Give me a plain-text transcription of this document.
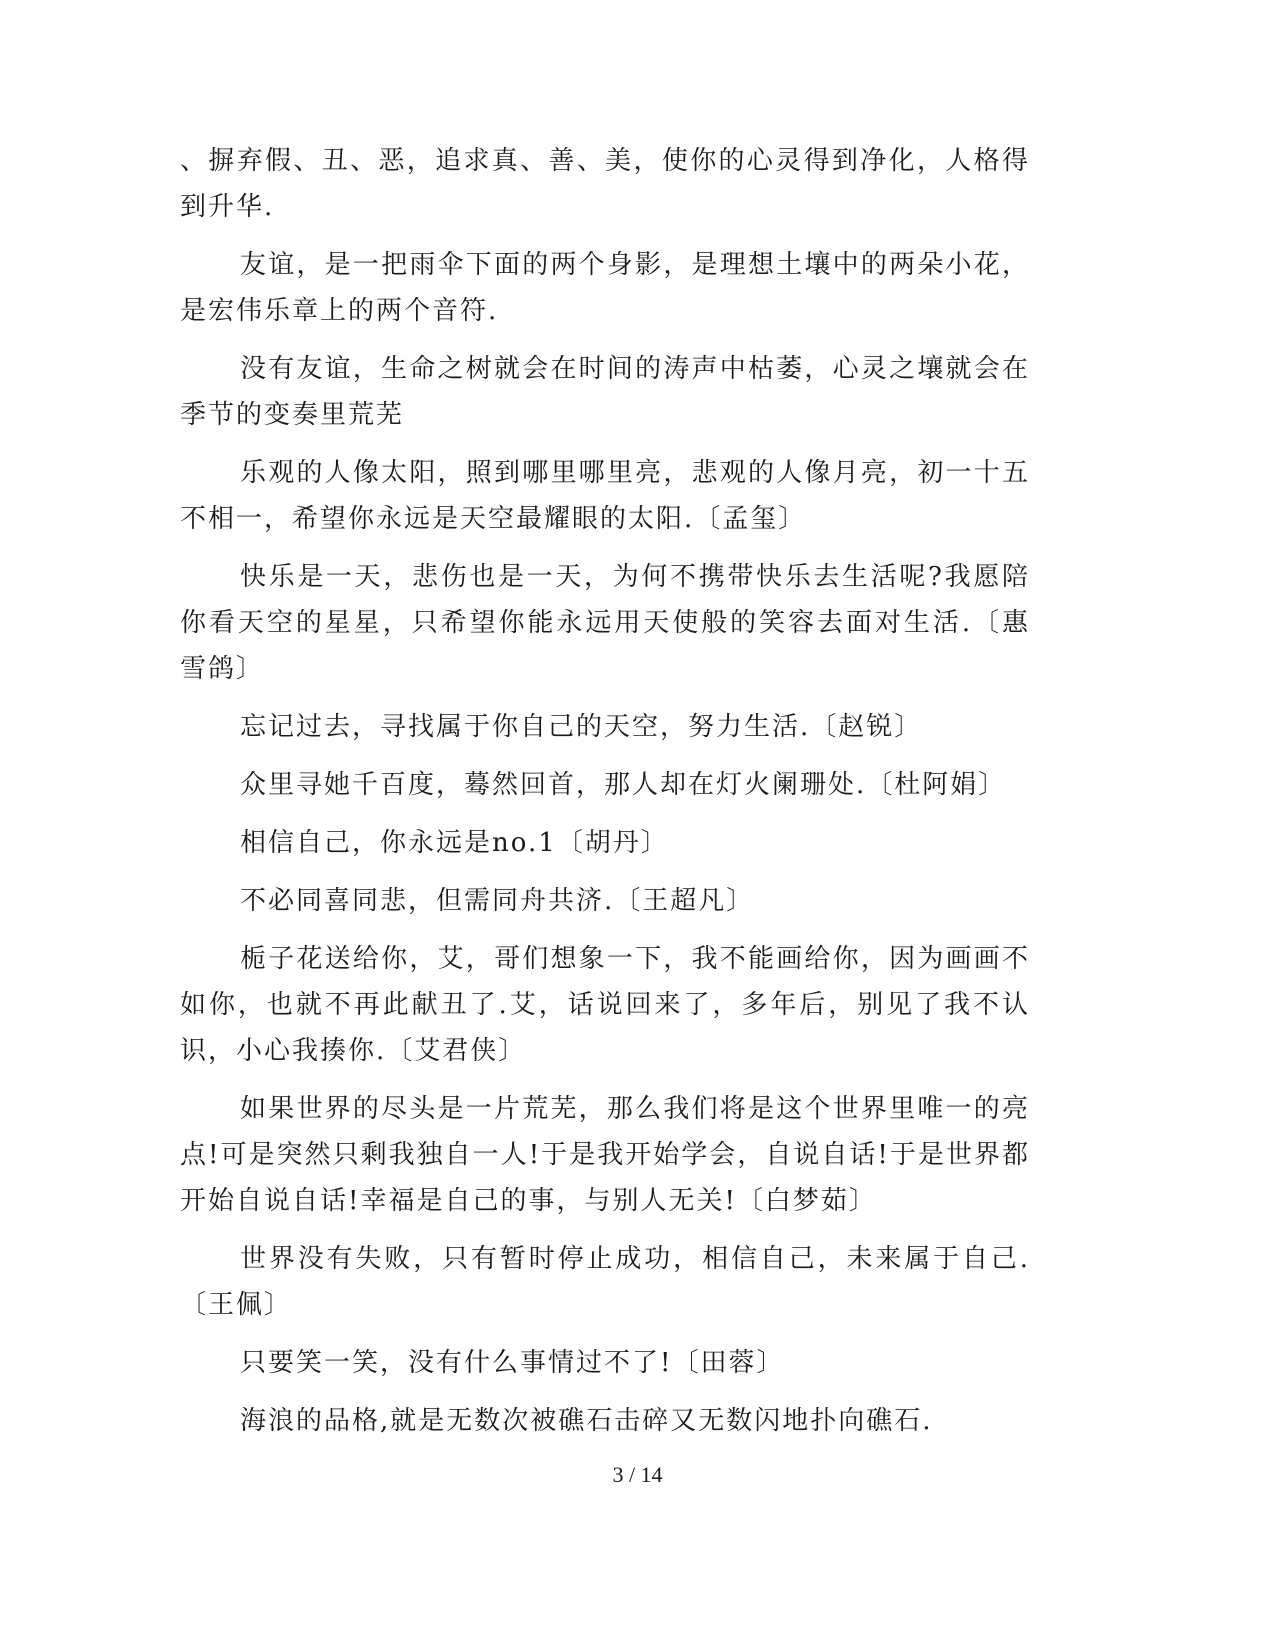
、摒弃假、丑、恶，追求真、善、美，使你的心灵得到净化，人格得到升华.

友谊，是一把雨伞下面的两个身影，是理想土壤中的两朵小花，是宏伟乐章上的两个音符.

没有友谊，生命之树就会在时间的涛声中枯萎，心灵之壤就会在季节的变奏里荒芜

乐观的人像太阳，照到哪里哪里亮，悲观的人像月亮，初一十五不相一，希望你永远是天空最耀眼的太阳.〔孟玺〕

快乐是一天，悲伤也是一天，为何不携带快乐去生活呢?我愿陪你看天空的星星，只希望你能永远用天使般的笑容去面对生活.〔惠雪鸽〕

忘记过去，寻找属于你自己的天空，努力生活.〔赵锐〕

众里寻她千百度，蓦然回首，那人却在灯火阑珊处.〔杜阿娟〕

相信自己，你永远是no.1〔胡丹〕

不必同喜同悲，但需同舟共济.〔王超凡〕

栀子花送给你，艾，哥们想象一下，我不能画给你，因为画画不如你，也就不再此献丑了.艾，话说回来了，多年后，别见了我不认识，小心我揍你.〔艾君侠〕

如果世界的尽头是一片荒芜，那么我们将是这个世界里唯一的亮点!可是突然只剩我独自一人!于是我开始学会，自说自话!于是世界都开始自说自话!幸福是自己的事，与别人无关!〔白梦茹〕

世界没有失败，只有暂时停止成功，相信自己，未来属于自己.〔王佩〕

只要笑一笑，没有什么事情过不了!〔田蓉〕

海浪的品格,就是无数次被礁石击碎又无数闪地扑向礁石.

3 / 14
